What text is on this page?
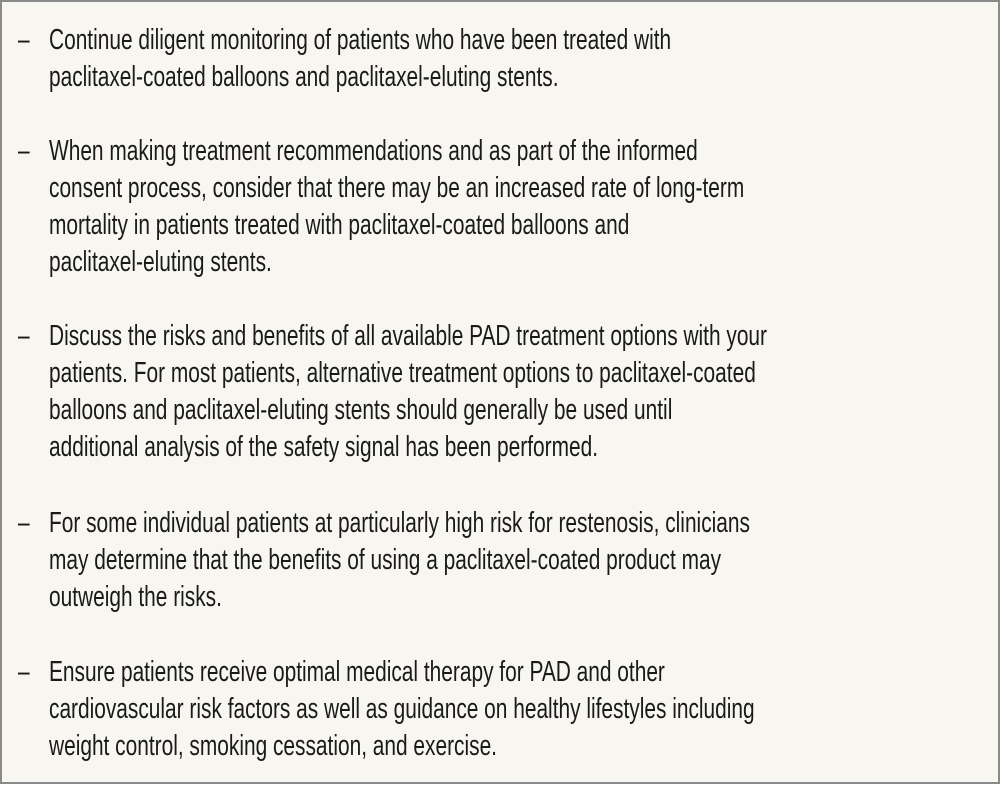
– Continue diligent monitoring of patients who have been treated with
paclitaxel-coated balloons and paclitaxel-eluting stents.
– When making treatment recommendations and as part of the informed
consent process, consider that there may be an increased rate of long-term
mortality in patients treated with paclitaxel-coated balloons and
paclitaxel-eluting stents.
– Discuss the risks and benefits of all available PAD treatment options with your
patients. For most patients, alternative treatment options to paclitaxel-coated
balloons and paclitaxel-eluting stents should generally be used until
additional analysis of the safety signal has been performed.
– For some individual patients at particularly high risk for restenosis, clinicians
may determine that the benefits of using a paclitaxel-coated product may
outweigh the risks.
– Ensure patients receive optimal medical therapy for PAD and other
cardiovascular risk factors as well as guidance on healthy lifestyles including
weight control, smoking cessation, and exercise.
